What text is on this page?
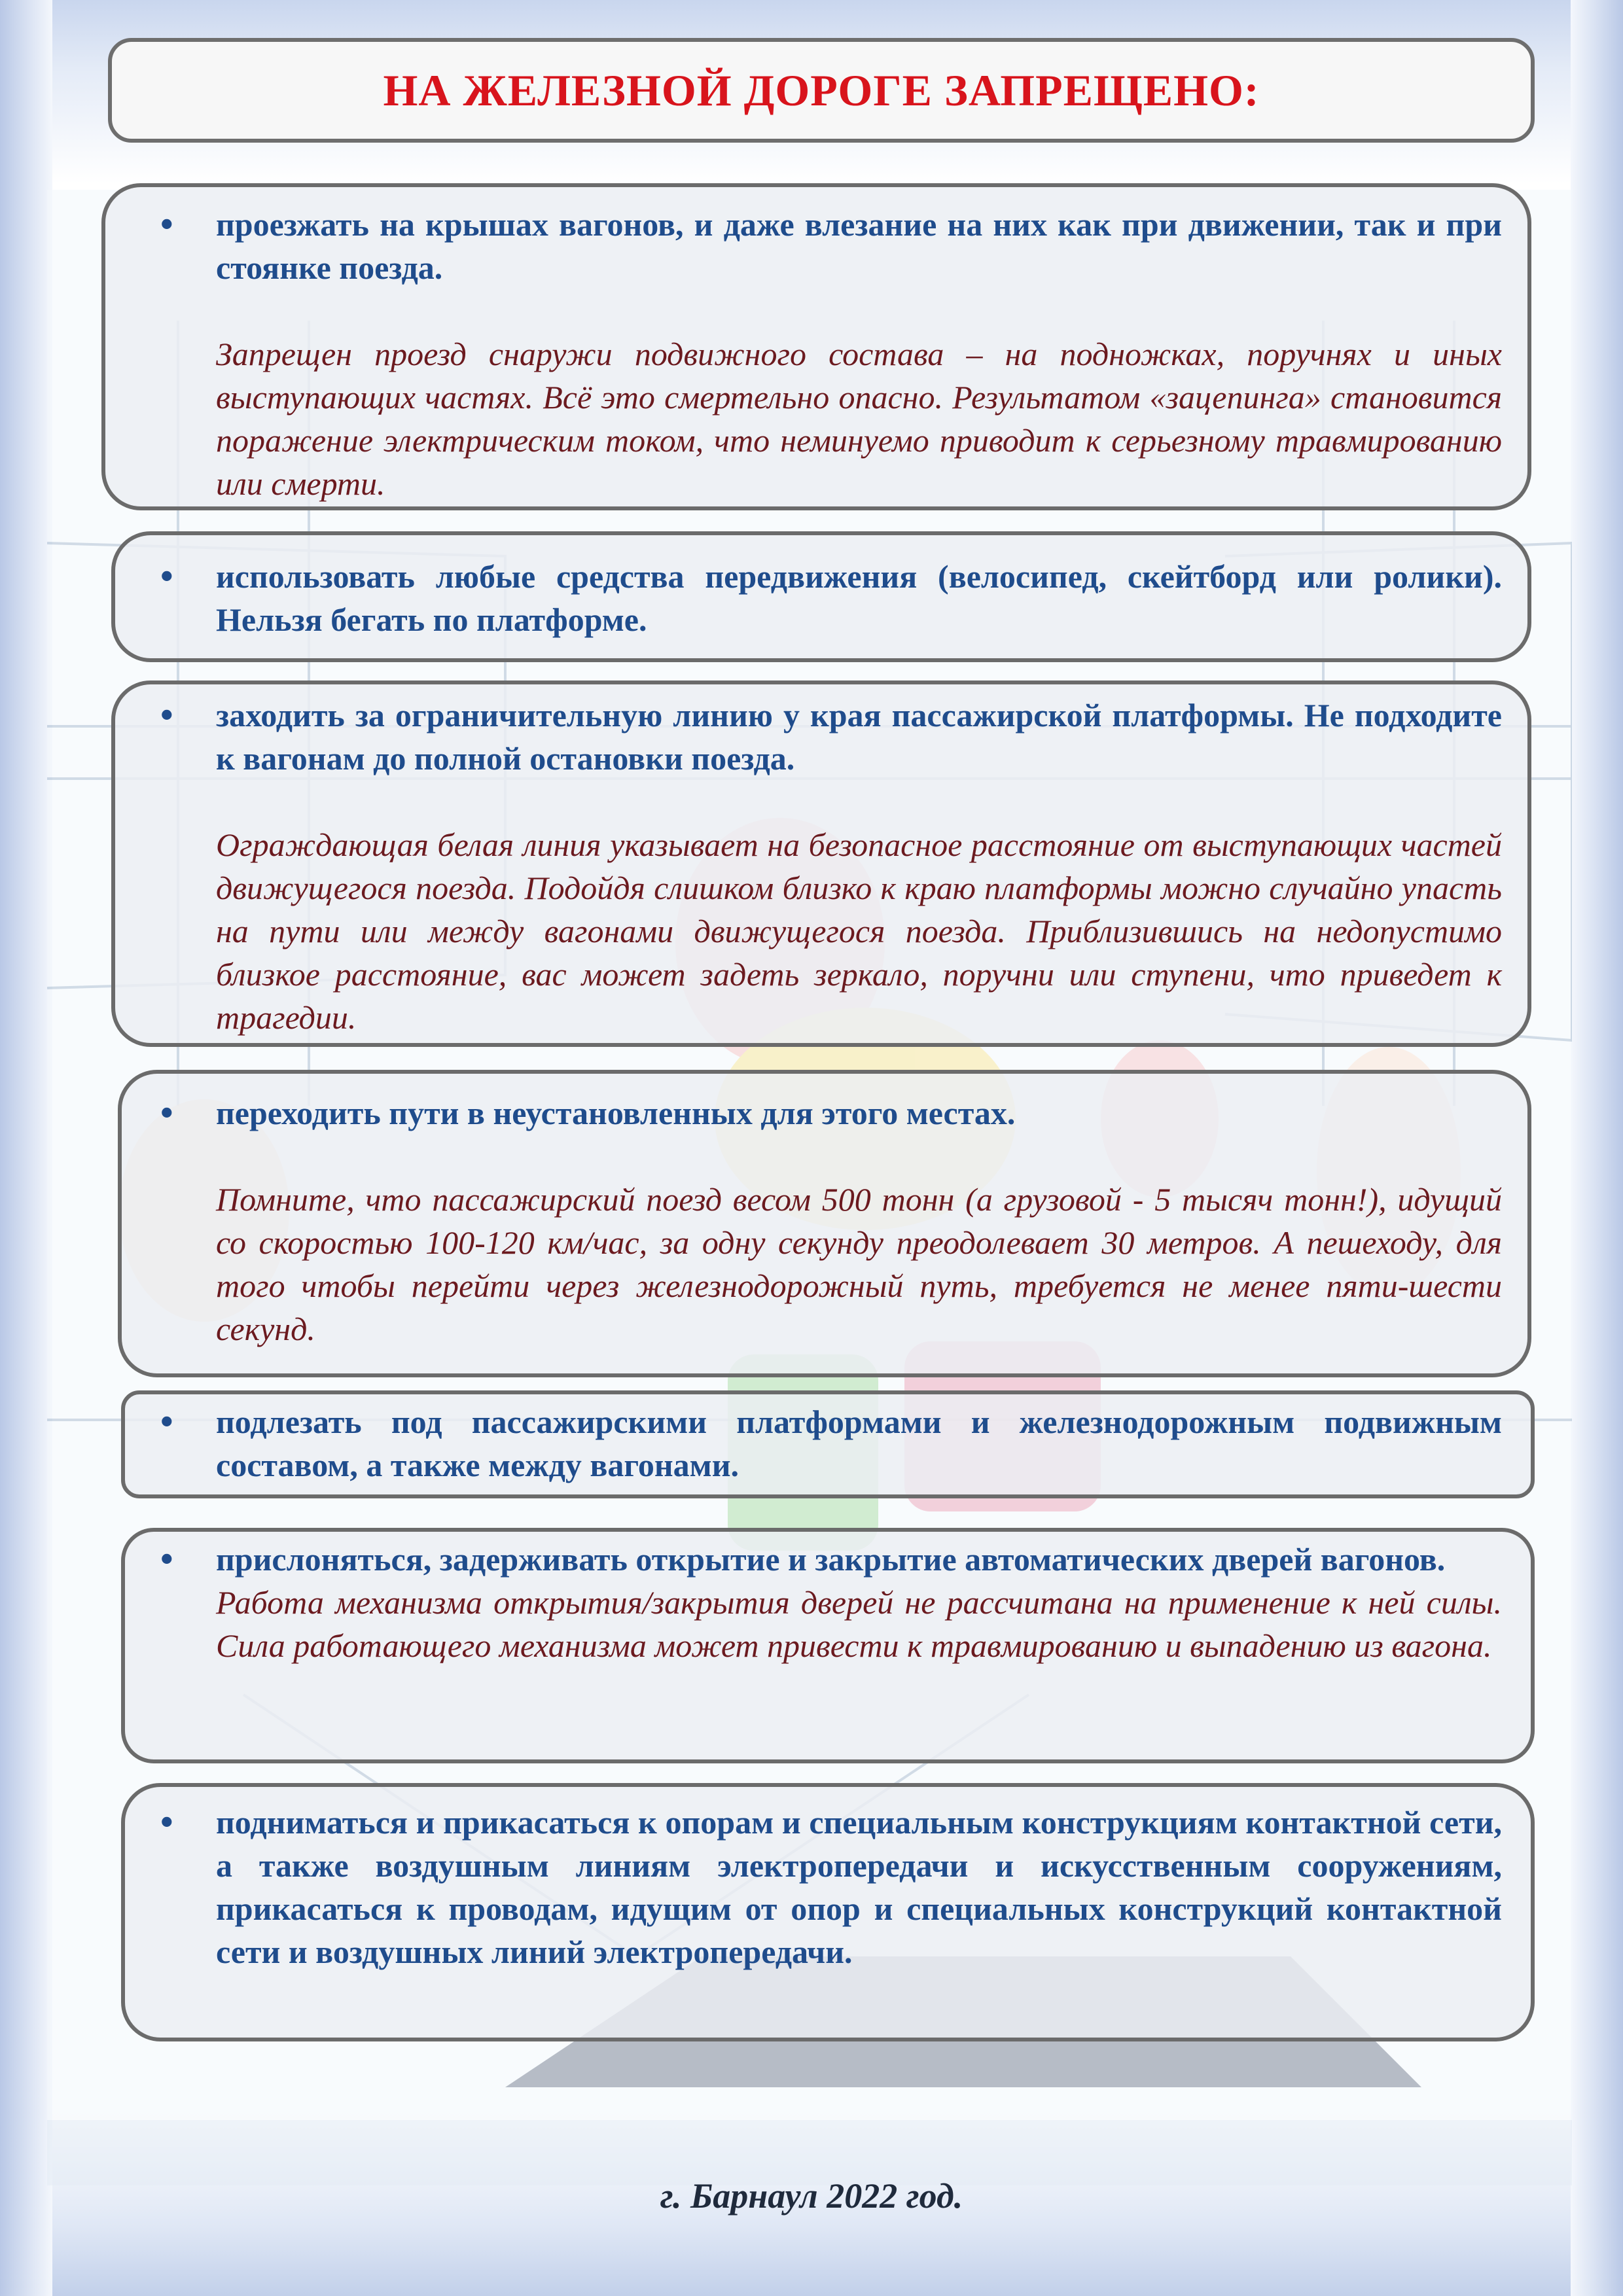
НА ЖЕЛЕЗНОЙ ДОРОГЕ ЗАПРЕЩЕНО:
• проезжать на крышах вагонов, и даже влезание на них как при движении, так и при стоянке поезда.
Запрещен проезд снаружи подвижного состава – на подножках, поручнях и иных выступающих частях. Всё это смертельно опасно. Результатом «зацепинга» становится поражение электрическим током, что неминуемо приводит к серьезному травмированию или смерти.
• использовать любые средства передвижения (велосипед, скейтборд или ролики). Нельзя бегать по платформе.
• заходить за ограничительную линию у края пассажирской платформы. Не подходите к вагонам до полной остановки поезда.
Ограждающая белая линия указывает на безопасное расстояние от выступающих частей движущегося поезда. Подойдя слишком близко к краю платформы можно случайно упасть на пути или между вагонами движущегося поезда. Приблизившись на недопустимо близкое расстояние, вас может задеть зеркало, поручни или ступени, что приведет к трагедии.
• переходить пути в неустановленных для этого местах.
Помните, что пассажирский поезд весом 500 тонн (а грузовой - 5 тысяч тонн!), идущий со скоростью 100-120 км/час, за одну секунду преодолевает 30 метров. А пешеходу, для того чтобы перейти через железнодорожный путь, требуется не менее пяти-шести секунд.
• подлезать под пассажирскими платформами и железнодорожным подвижным составом, а также между вагонами.
• прислоняться, задерживать открытие и закрытие автоматических дверей вагонов.
Работа механизма открытия/закрытия дверей не рассчитана на применение к ней силы. Сила работающего механизма может привести к травмированию и выпадению из вагона.
• подниматься и прикасаться к опорам и специальным конструкциям контактной сети, а также воздушным линиям электропередачи и искусственным сооружениям, прикасаться к проводам, идущим от опор и специальных конструкций контактной сети и воздушных линий электропередачи.
г. Барнаул 2022 год.
